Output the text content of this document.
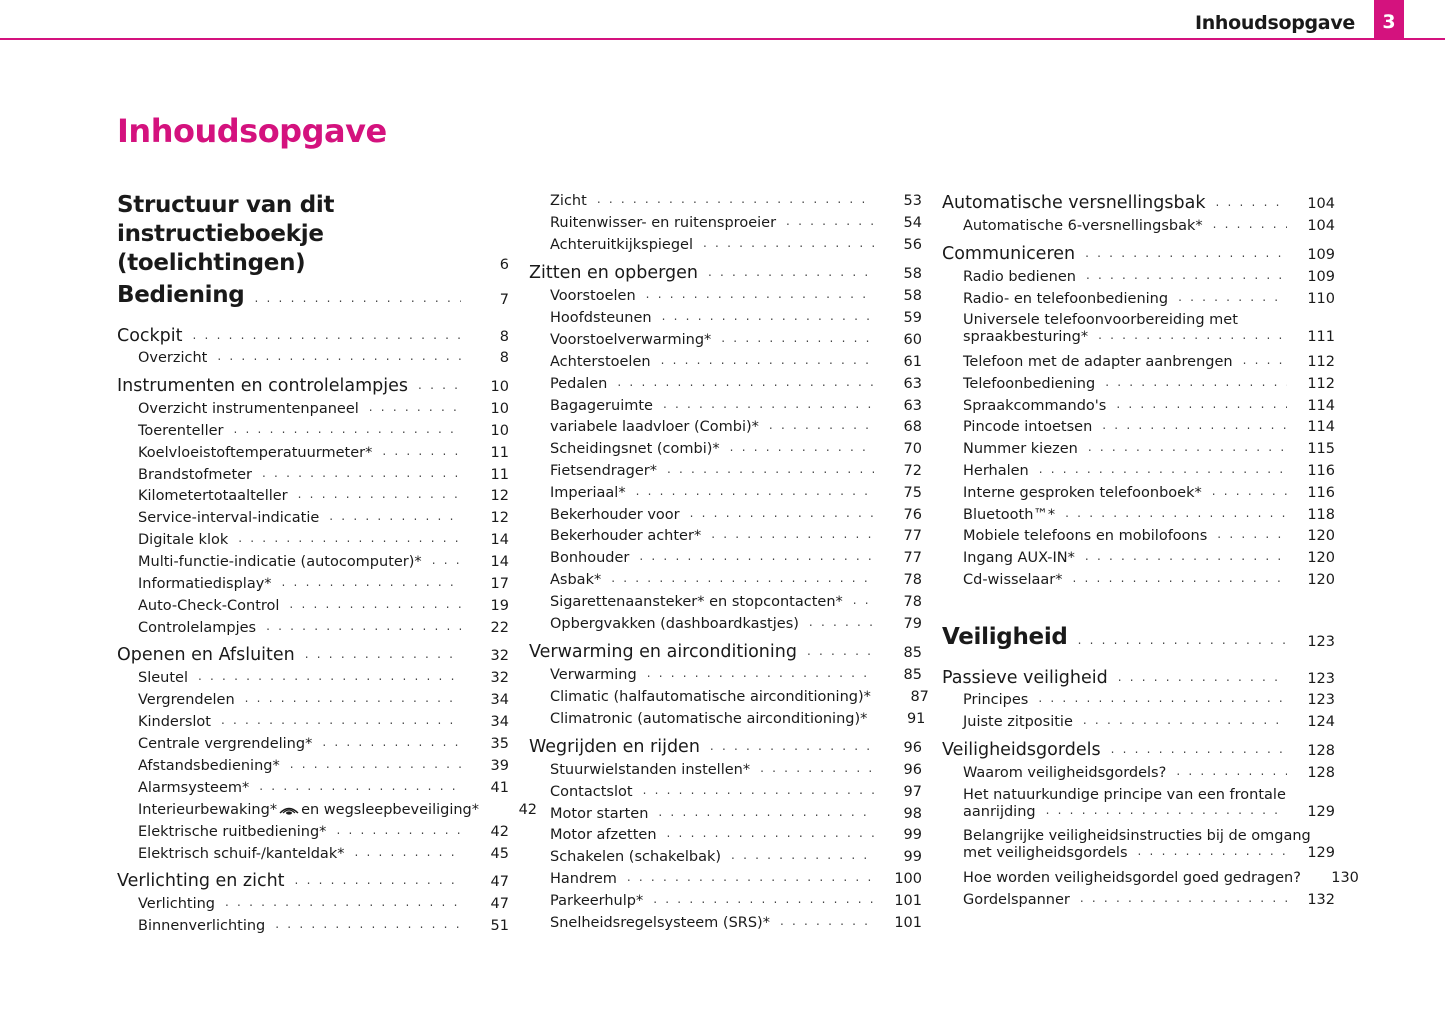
Inhoudsopgave	3
Inhoudsopgave
Structuur van dit
instructieboekje (toelichtingen)	6
Bediening . . .	7
Cockpit . . .	8
Overzicht . . .	8
Instrumenten en controlelampjes . . .	10
Overzicht instrumentenpaneel . . .	10
Toerenteller . . .	10
Koelvloeistoftemperatuurmeter* . . .	11
Brandstofmeter . . .	11
Kilometertotaalteller . . .	12
Service-interval-indicatie . . .	12
Digitale klok . . .	14
Multi-functie-indicatie (autocomputer)* . . .	14
Informatiedisplay* . . .	17
Auto-Check-Control . . .	19
Controlelampjes . . .	22
Openen en Afsluiten . . .	32
Sleutel . . .	32
Vergrendelen . . .	34
Kinderslot . . .	34
Centrale vergrendeling* . . .	35
Afstandsbediening* . . .	39
Alarmsysteem* . . .	41
Interieurbewaking* en wegsleepbeveiliging*	42
Elektrische ruitbediening* . . .	42
Elektrisch schuif-/kanteldak* . . .	45
Verlichting en zicht . . .	47
Verlichting . . .	47
Binnenverlichting . . .	51
Zicht . . .	53
Ruitenwisser- en ruitensproeier . . .	54
Achteruitkijkspiegel . . .	56
Zitten en opbergen . . .	58
Voorstoelen . . .	58
Hoofdsteunen . . .	59
Voorstoelverwarming* . . .	60
Achterstoelen . . .	61
Pedalen . . .	63
Bagageruimte . . .	63
variabele laadvloer (Combi)* . . .	68
Scheidingsnet (combi)* . . .	70
Fietsendrager* . . .	72
Imperiaal* . . .	75
Bekerhouder voor . . .	76
Bekerhouder achter* . . .	77
Bonhouder . . .	77
Asbak* . . .	78
Sigarettenaansteker* en stopcontacten* . . .	78
Opbergvakken (dashboardkastjes) . . .	79
Verwarming en airconditioning . . .	85
Verwarming . . .	85
Climatic (halfautomatische airconditioning)*	87
Climatronic (automatische airconditioning)*	91
Wegrijden en rijden . . .	96
Stuurwielstanden instellen* . . .	96
Contactslot . . .	97
Motor starten . . .	98
Motor afzetten . . .	99
Schakelen (schakelbak) . . .	99
Handrem . . .	100
Parkeerhulp* . . .	101
Snelheidsregelsysteem (SRS)* . . .	101
Automatische versnellingsbak . . .	104
Automatische 6-versnellingsbak* . . .	104
Communiceren . . .	109
Radio bedienen . . .	109
Radio- en telefoonbediening . . .	110
Universele telefoonvoorbereiding met
spraakbesturing* . . .	111
Telefoon met de adapter aanbrengen . . .	112
Telefoonbediening . . .	112
Spraakcommando's . . .	114
Pincode intoetsen . . .	114
Nummer kiezen . . .	115
Herhalen . . .	116
Interne gesproken telefoonboek* . . .	116
Bluetooth™* . . .	118
Mobiele telefoons en mobilofoons . . .	120
Ingang AUX-IN* . . .	120
Cd-wisselaar* . . .	120
Veiligheid . . .	123
Passieve veiligheid . . .	123
Principes . . .	123
Juiste zitpositie . . .	124
Veiligheidsgordels . . .	128
Waarom veiligheidsgordels? . . .	128
Het natuurkundige principe van een frontale
aanrijding . . .	129
Belangrijke veiligheidsinstructies bij de omgang
met veiligheidsgordels . . .	129
Hoe worden veiligheidsgordel goed gedragen?	130
Gordelspanner . . .	132
